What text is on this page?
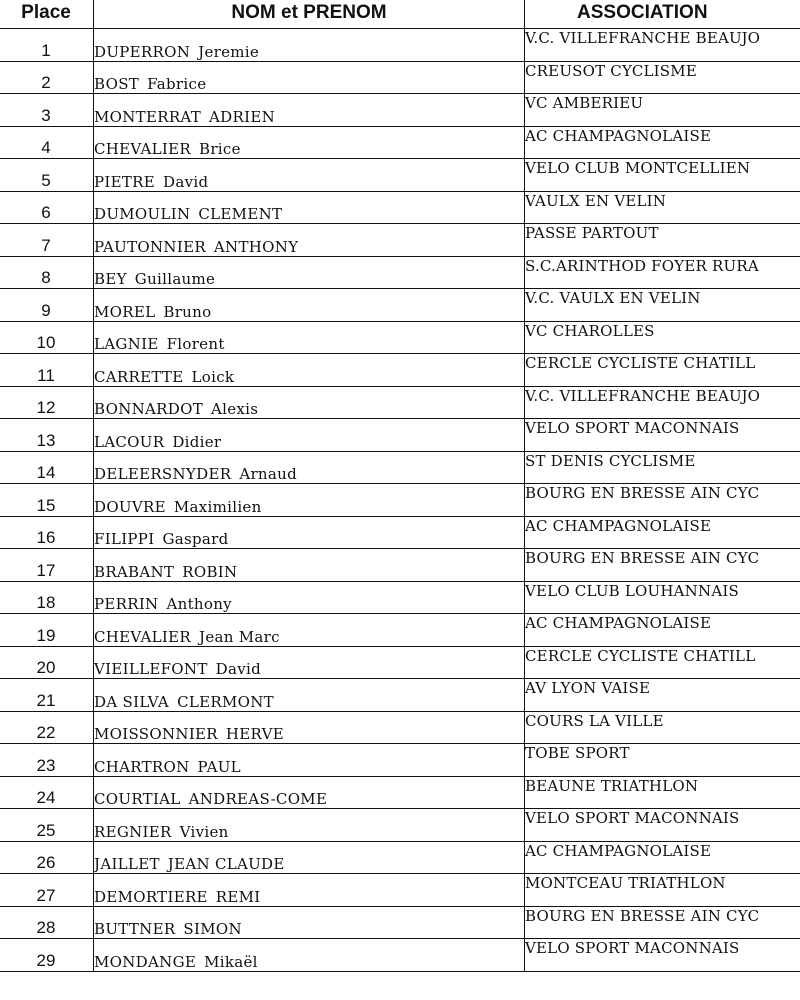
Place	NOM et PRENOM	ASSOCIATION
1	DUPERRON Jeremie	V.C. VILLEFRANCHE BEAUJO
2	BOST Fabrice	CREUSOT CYCLISME
3	MONTERRAT ADRIEN	VC AMBERIEU
4	CHEVALIER Brice	AC CHAMPAGNOLAISE
5	PIETRE David	VELO CLUB MONTCELLIEN
6	DUMOULIN CLEMENT	VAULX EN VELIN
7	PAUTONNIER ANTHONY	PASSE PARTOUT
8	BEY Guillaume	S.C.ARINTHOD FOYER RURA
9	MOREL Bruno	V.C. VAULX EN VELIN
10	LAGNIE Florent	VC CHAROLLES
11	CARRETTE Loick	CERCLE CYCLISTE CHATILL
12	BONNARDOT Alexis	V.C. VILLEFRANCHE BEAUJO
13	LACOUR Didier	VELO SPORT MACONNAIS
14	DELEERSNYDER Arnaud	ST DENIS CYCLISME
15	DOUVRE Maximilien	BOURG EN BRESSE AIN CYC
16	FILIPPI Gaspard	AC CHAMPAGNOLAISE
17	BRABANT ROBIN	BOURG EN BRESSE AIN CYC
18	PERRIN Anthony	VELO CLUB LOUHANNAIS
19	CHEVALIER Jean Marc	AC CHAMPAGNOLAISE
20	VIEILLEFONT David	CERCLE CYCLISTE CHATILL
21	DA SILVA CLERMONT	AV LYON VAISE
22	MOISSONNIER HERVE	COURS LA VILLE
23	CHARTRON PAUL	TOBE SPORT
24	COURTIAL ANDREAS-COME	BEAUNE TRIATHLON
25	REGNIER Vivien	VELO SPORT MACONNAIS
26	JAILLET JEAN CLAUDE	AC CHAMPAGNOLAISE
27	DEMORTIERE REMI	MONTCEAU TRIATHLON
28	BUTTNER SIMON	BOURG EN BRESSE AIN CYC
29	MONDANGE Mikaël	VELO SPORT MACONNAIS
